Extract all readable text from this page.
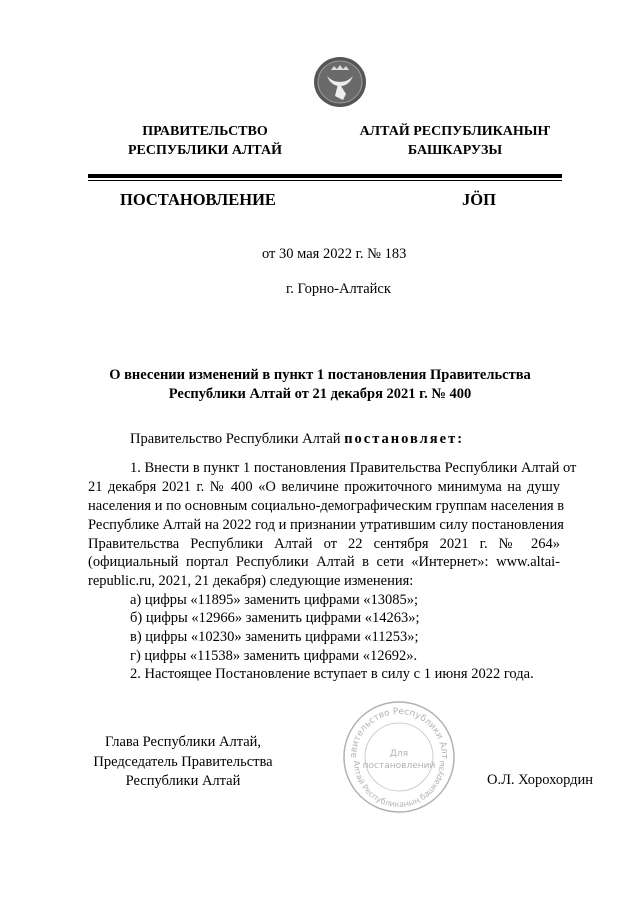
ПРАВИТЕЛЬСТВО
РЕСПУБЛИКИ АЛТАЙ
АЛТАЙ РЕСПУБЛИКАНЫҤ
БАШКАРУЗЫ
ПОСТАНОВЛЕНИЕ	JÖП
от 30 мая 2022 г. № 183
г. Горно-Алтайск
О внесении изменений в пункт 1 постановления Правительства
Республики Алтай от 21 декабря 2021 г. № 400
Правительство Республики Алтай постановляет:
1. Внести в пункт 1 постановления Правительства Республики Алтай от
21 декабря 2021 г. № 400 «О величине прожиточного минимума на душу
населения и по основным социально-демографическим группам населения в
Республике Алтай на 2022 год и признании утратившим силу постановления
Правительства Республики Алтай от 22 сентября 2021 г. № 264»
(официальный портал Республики Алтай в сети «Интернет»: www.altai-
republic.ru, 2021, 21 декабря) следующие изменения:
а) цифры «11895» заменить цифрами «13085»;
б) цифры «12966» заменить цифрами «14263»;
в) цифры «10230» заменить цифрами «11253»;
г) цифры «11538» заменить цифрами «12692».
2. Настоящее Постановление вступает в силу с 1 июня 2022 года.
Глава Республики Алтай,
Председатель Правительства
Республики Алтай
авительство Республики Алт
Алтай Республиканың башкарузы
Для
постановлений
О.Л. Хорохордин
